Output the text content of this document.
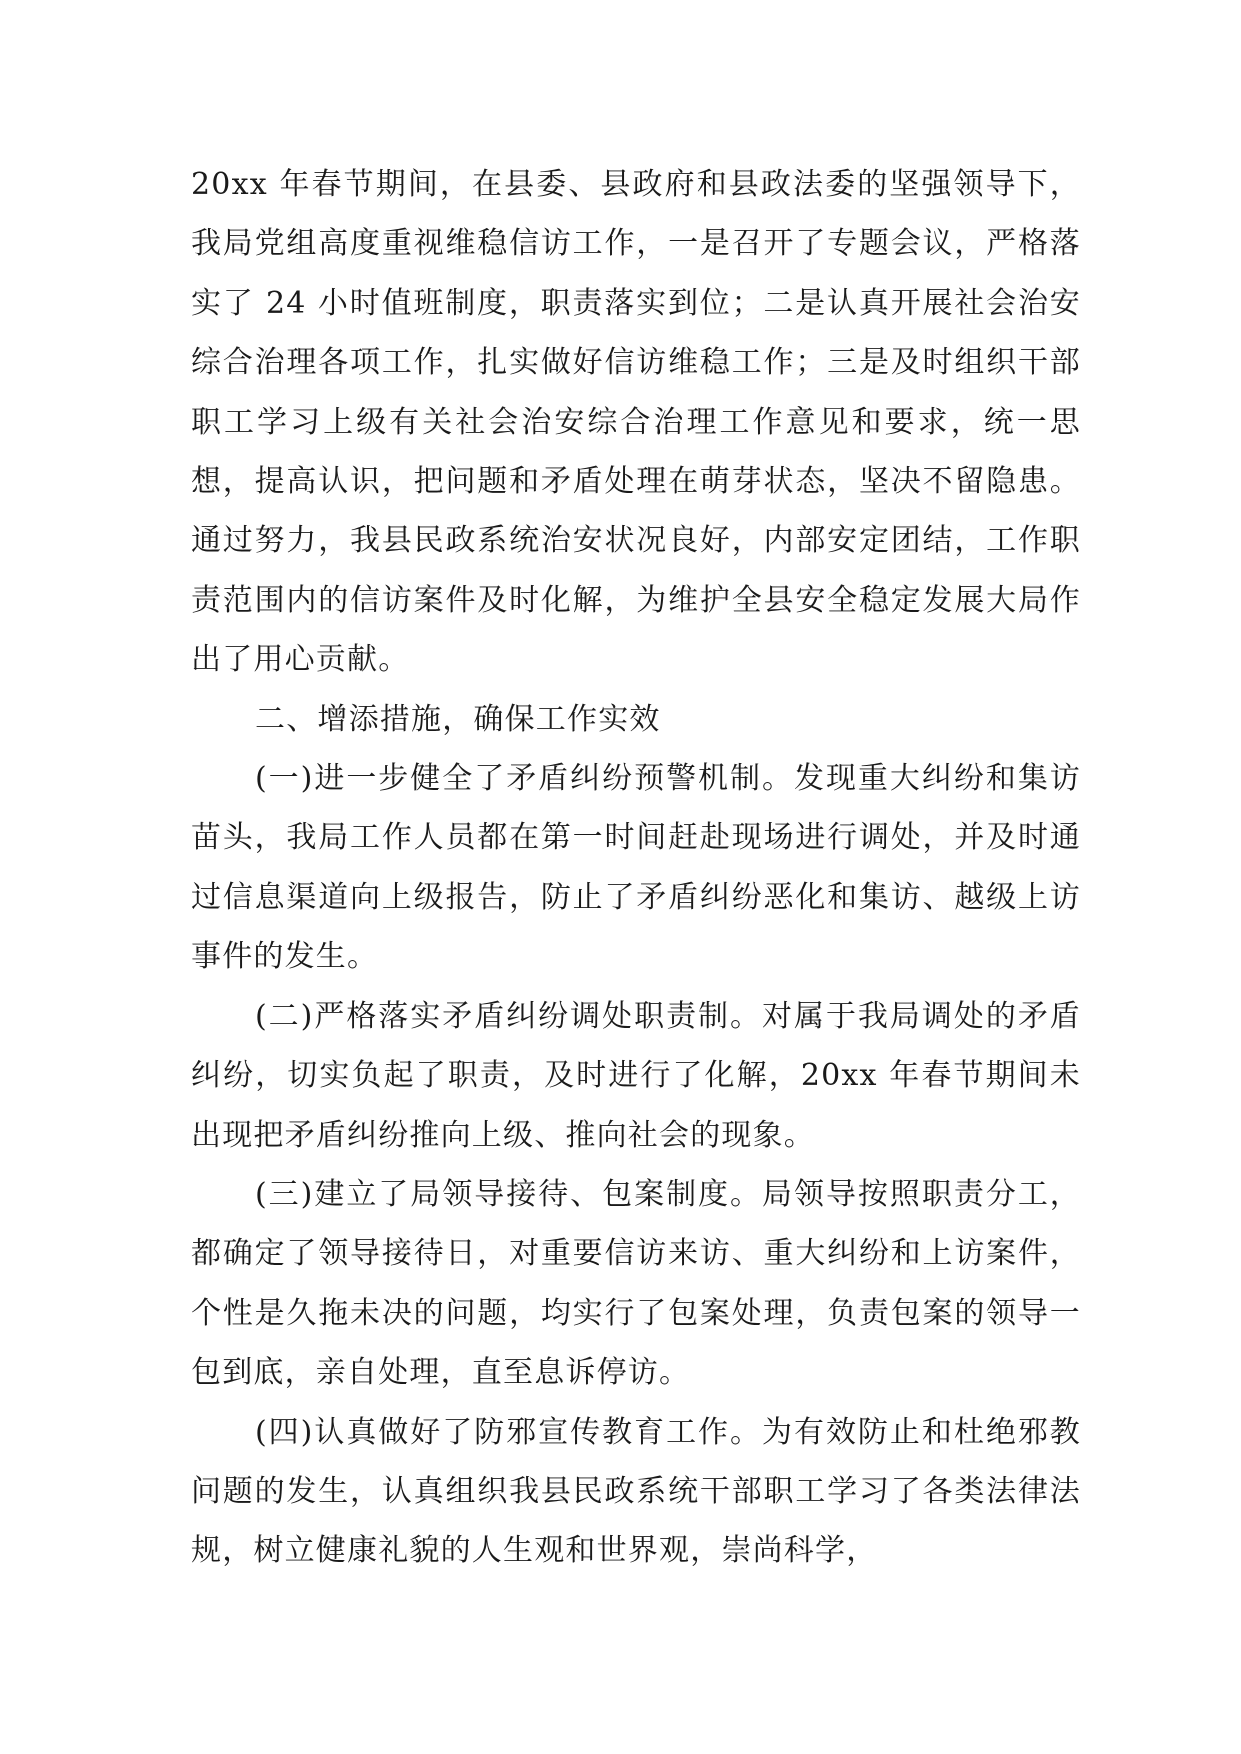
20xx 年春节期间，在县委、县政府和县政法委的坚强领导下，我局党组高度重视维稳信访工作，一是召开了专题会议，严格落实了 24 小时值班制度，职责落实到位；二是认真开展社会治安综合治理各项工作，扎实做好信访维稳工作；三是及时组织干部职工学习上级有关社会治安综合治理工作意见和要求，统一思想，提高认识，把问题和矛盾处理在萌芽状态，坚决不留隐患。通过努力，我县民政系统治安状况良好，内部安定团结，工作职责范围内的信访案件及时化解，为维护全县安全稳定发展大局作出了用心贡献。

二、增添措施，确保工作实效

(一)进一步健全了矛盾纠纷预警机制。发现重大纠纷和集访苗头，我局工作人员都在第一时间赶赴现场进行调处，并及时通过信息渠道向上级报告，防止了矛盾纠纷恶化和集访、越级上访事件的发生。

(二)严格落实矛盾纠纷调处职责制。对属于我局调处的矛盾纠纷，切实负起了职责，及时进行了化解，20xx 年春节期间未出现把矛盾纠纷推向上级、推向社会的现象。

(三)建立了局领导接待、包案制度。局领导按照职责分工，都确定了领导接待日，对重要信访来访、重大纠纷和上访案件，个性是久拖未决的问题，均实行了包案处理，负责包案的领导一包到底，亲自处理，直至息诉停访。

(四)认真做好了防邪宣传教育工作。为有效防止和杜绝邪教问题的发生，认真组织我县民政系统干部职工学习了各类法律法规，树立健康礼貌的人生观和世界观，崇尚科学，
